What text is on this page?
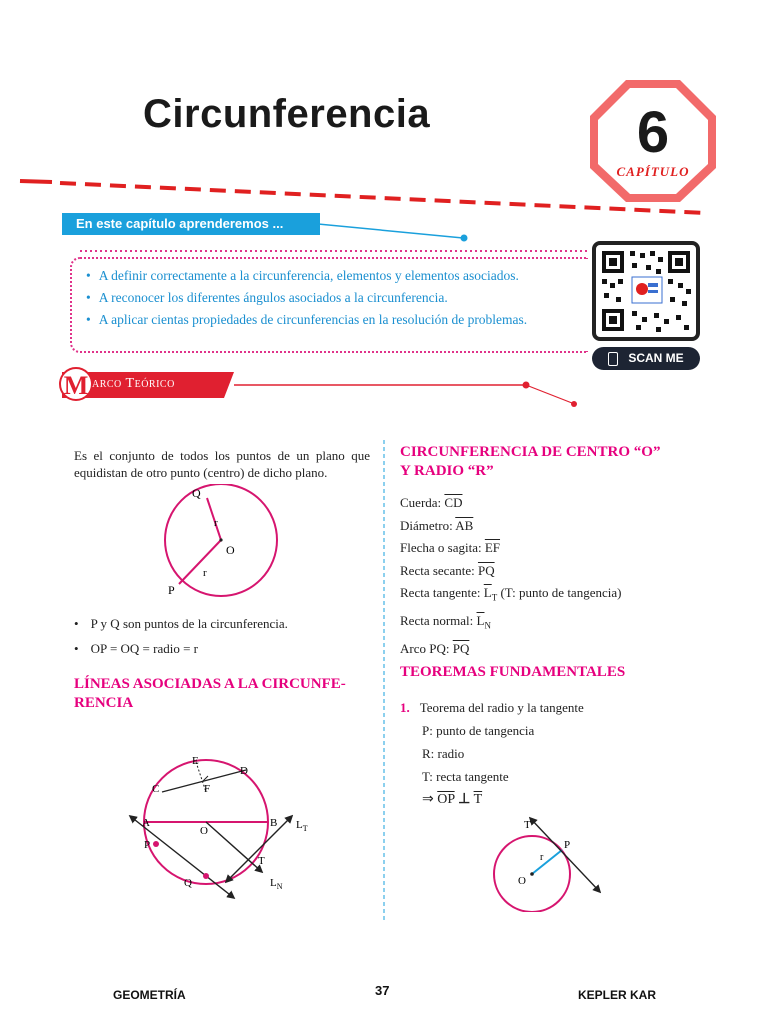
Circunferencia	6
CAPÍTULO
En este capítulo aprenderemos ...
• A definir correctamente a la circunferencia, elementos y elementos asociados.
• A reconocer los diferentes ángulos asociados a la circunferencia.
• A aplicar cientas propiedades de circunferencias en la resolución de problemas.
SCAN ME
M arco Teórico
Es el conjunto de todos los puntos de un plano que equidistan de otro punto (centro) de dicho plano.
Q
P
O
r
r
• P y Q son puntos de la circunferencia.
• OP = OQ = radio = r
LÍNEAS ASOCIADAS A LA CIRCUNFE-
RENCIA
E
D
C	F
A
O
B $L_T$
P
T
Q	$L_N$
CIRCUNFERENCIA DE CENTRO “O”
Y RADIO “R”
Cuerda: $\overline{CD}$
Diámetro: $\overline{AB}$
Flecha o sagita: $\overline{EF}$
Recta secante: $\overline{PQ}$
Recta tangente: $\overline{L}_T$ (T: punto de tangencia)
Recta normal: $\overline{L}_N$
Arco PQ: $\overline{PQ}$
TEOREMAS FUNDAMENTALES
1. Teorema del radio y la tangente
P: punto de tangencia
R: radio
T: recta tangente
⇒ $\overline{OP}$ ⊥ $\overline{T}$
T
P
r
O
GEOMETRÍA	37	KEPLER KAR
